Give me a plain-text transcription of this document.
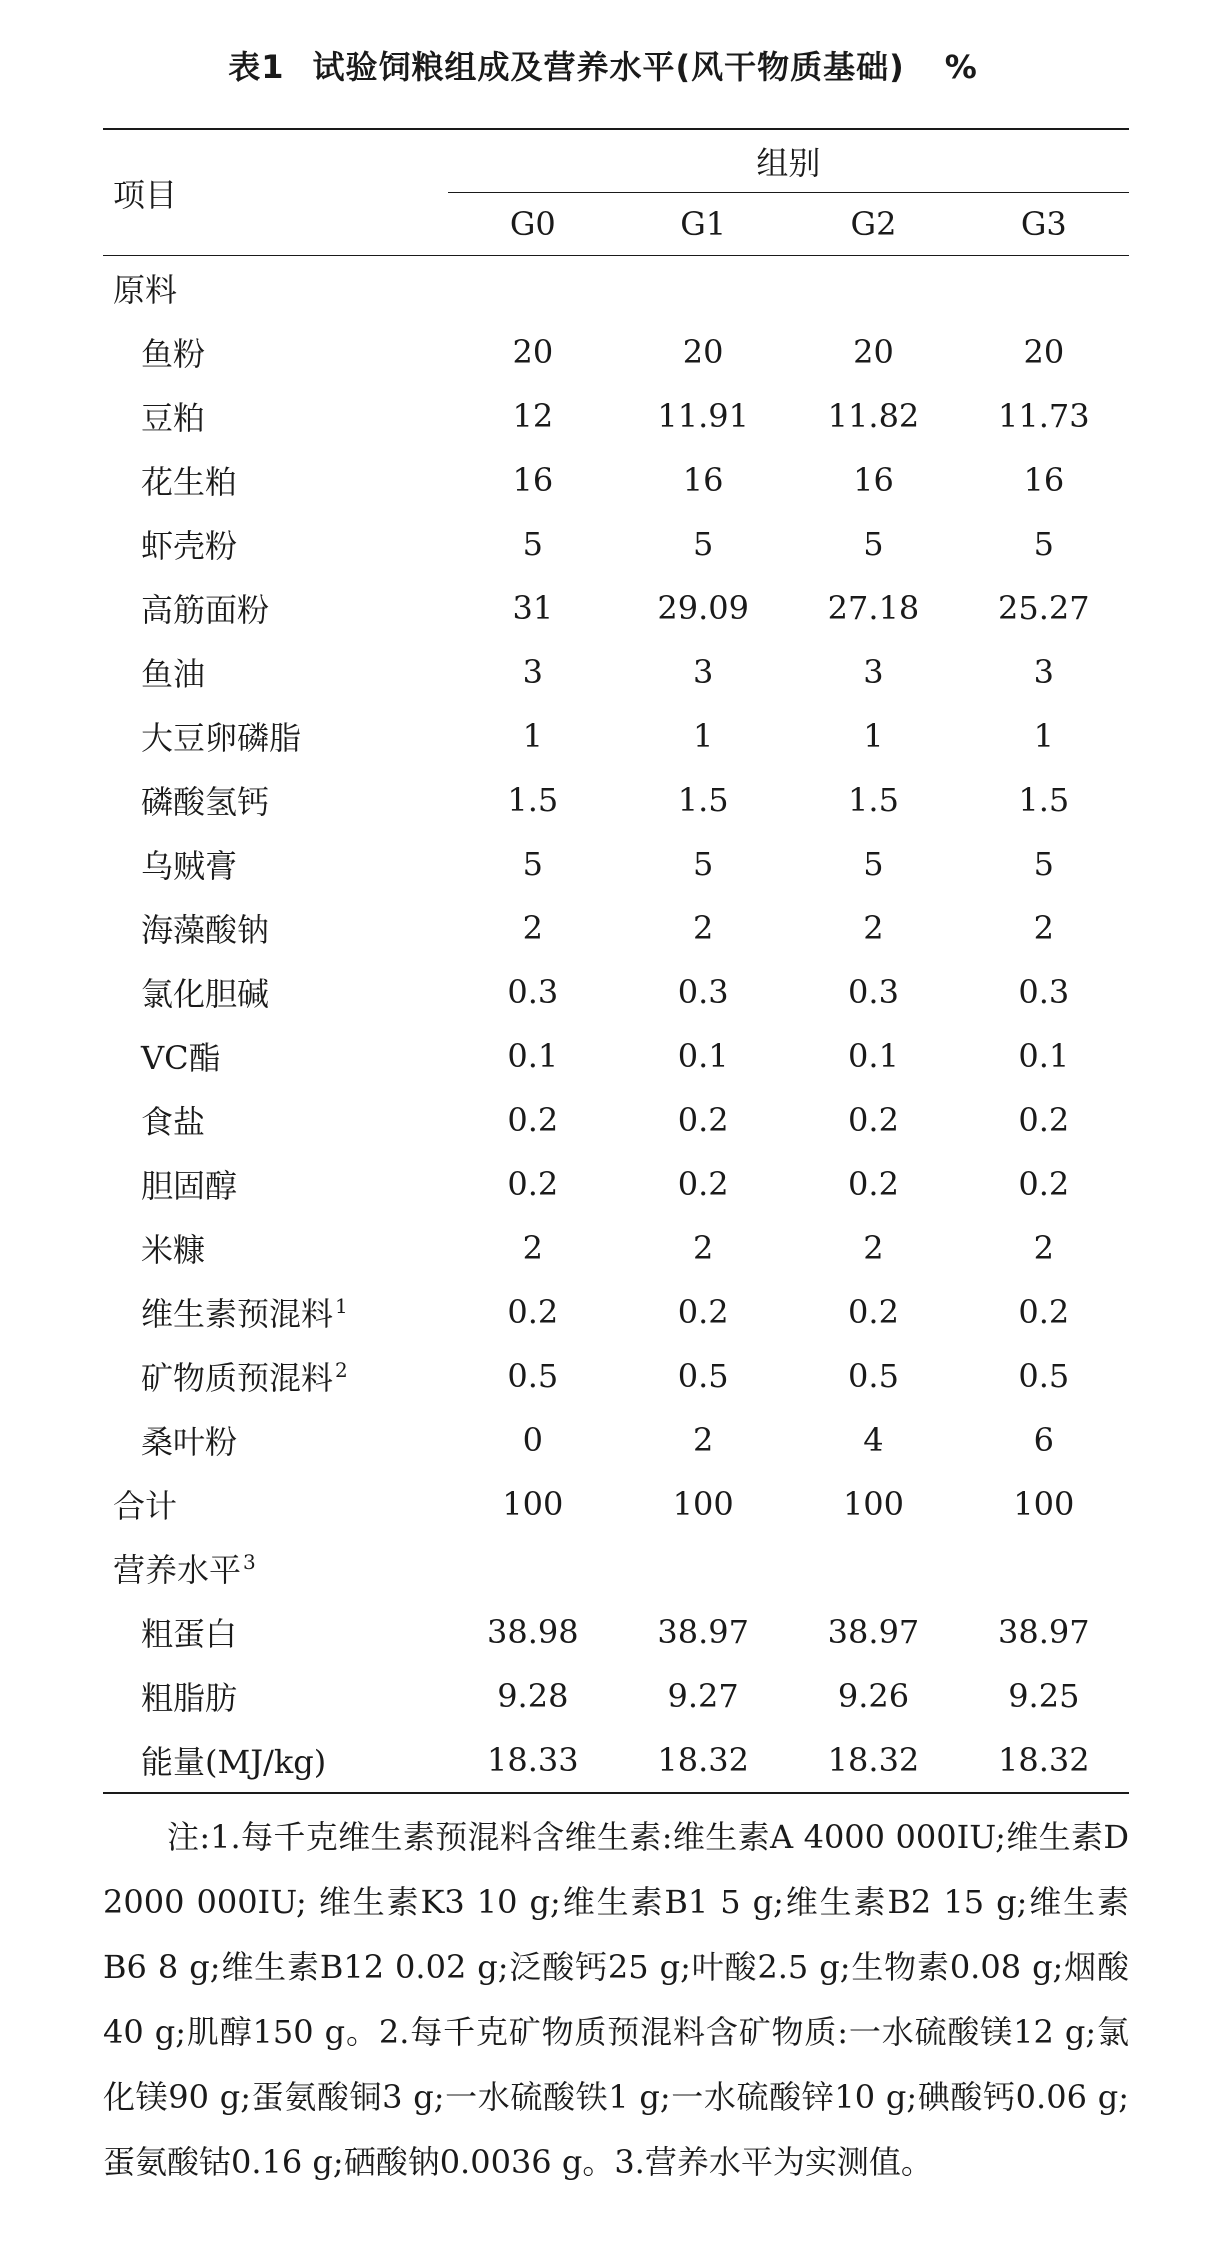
表1 试验饲粮组成及营养水平(风干物质基础) %
项目	组别			
	G0	G1	G2	G3
原料				
鱼粉	20	20	20	20
豆粕	12	11.91	11.82	11.73
花生粕	16	16	16	16
虾壳粉	5	5	5	5
高筋面粉	31	29.09	27.18	25.27
鱼油	3	3	3	3
大豆卵磷脂	1	1	1	1
磷酸氢钙	1.5	1.5	1.5	1.5
乌贼膏	5	5	5	5
海藻酸钠	2	2	2	2
氯化胆碱	0.3	0.3	0.3	0.3
VC酯	0.1	0.1	0.1	0.1
食盐	0.2	0.2	0.2	0.2
胆固醇	0.2	0.2	0.2	0.2
米糠	2	2	2	2
维生素预混料 $^1$	0.2	0.2	0.2	0.2
矿物质预混料 $^2$	0.5	0.5	0.5	0.5
桑叶粉	0	2	4	6
合计	100	100	100	100
营养水平 $^3$				
粗蛋白	38.98	38.97	38.97	38.97
粗脂肪	9.28	9.27	9.26	9.25
能量(MJ/kg)	18.33	18.32	18.32	18.32
注:1.每千克维生素预混料含维生素:维生素A 4000 000IU;维生素D 2000 000IU; 维生素K3 10 g;维生素B1 5 g;维生素B2 15 g;维生素B6 8 g;维生素B12 0.02 g;泛酸钙25 g;叶酸2.5 g;生物素0.08 g;烟酸40 g;肌醇150 g。2.每千克矿物质预混料含矿物质:一水硫酸镁12 g;氯化镁90 g;蛋氨酸铜3 g;一水硫酸铁1 g;一水硫酸锌10 g;碘酸钙0.06 g;蛋氨酸钴0.16 g;硒酸钠0.0036 g。3.营养水平为实测值。
